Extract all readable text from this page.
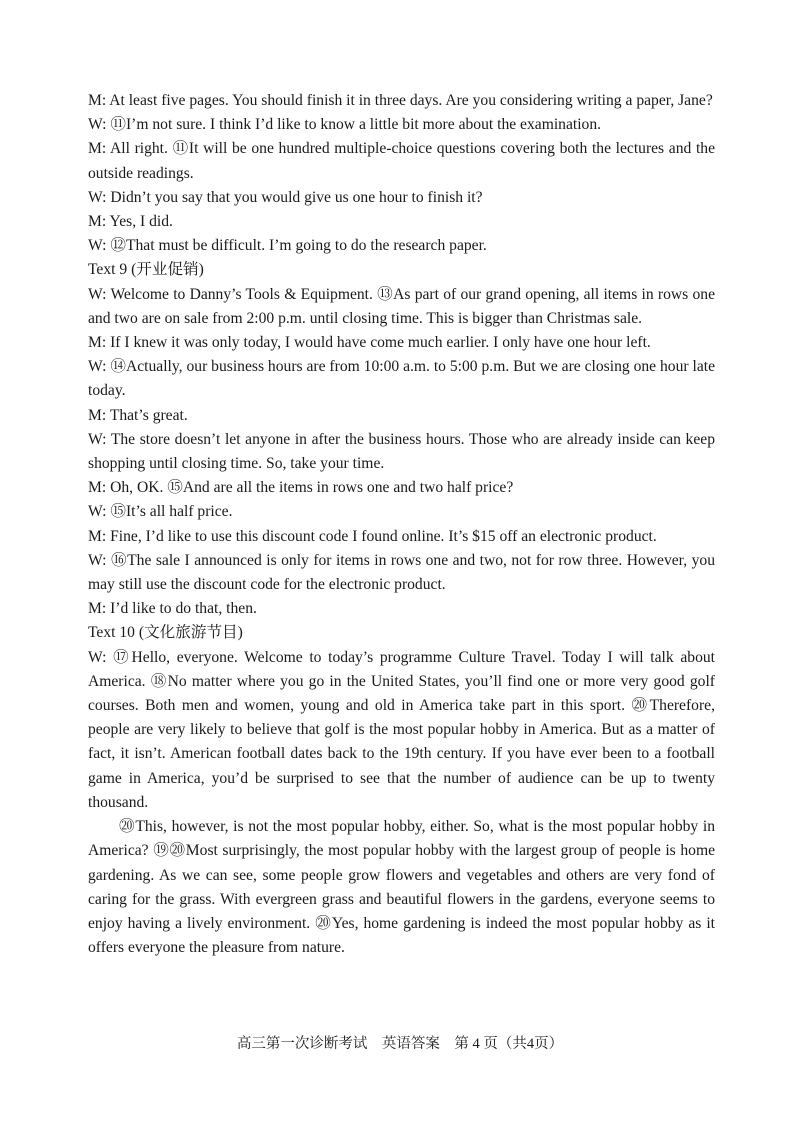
M: At least five pages. You should finish it in three days. Are you considering writing a paper, Jane?

W: ⑪I’m not sure. I think I’d like to know a little bit more about the examination.

M: All right. ⑪It will be one hundred multiple-choice questions covering both the lectures and the outside readings.

W: Didn’t you say that you would give us one hour to finish it?

M: Yes, I did.

W: ⑫That must be difficult. I’m going to do the research paper.

Text 9 (开业促销)

W: Welcome to Danny’s Tools & Equipment. ⑬As part of our grand opening, all items in rows one and two are on sale from 2:00 p.m. until closing time. This is bigger than Christmas sale.

M: If I knew it was only today, I would have come much earlier. I only have one hour left.

W: ⑭Actually, our business hours are from 10:00 a.m. to 5:00 p.m. But we are closing one hour late today.

M: That’s great.

W: The store doesn’t let anyone in after the business hours. Those who are already inside can keep shopping until closing time. So, take your time.

M: Oh, OK. ⑮And are all the items in rows one and two half price?

W: ⑮It’s all half price.

M: Fine, I’d like to use this discount code I found online. It’s $15 off an electronic product.

W: ⑯The sale I announced is only for items in rows one and two, not for row three. However, you may still use the discount code for the electronic product.

M: I’d like to do that, then.

Text 10 (文化旅游节目)

W: ⑰Hello, everyone. Welcome to today’s programme Culture Travel. Today I will talk about America. ⑱No matter where you go in the United States, you’ll find one or more very good golf courses. Both men and women, young and old in America take part in this sport. ⑳Therefore, people are very likely to believe that golf is the most popular hobby in America. But as a matter of fact, it isn’t. American football dates back to the 19th century. If you have ever been to a football game in America, you’d be surprised to see that the number of audience can be up to twenty thousand.

⑳This, however, is not the most popular hobby, either. So, what is the most popular hobby in America? ⑲⑳Most surprisingly, the most popular hobby with the largest group of people is home gardening. As we can see, some people grow flowers and vegetables and others are very fond of caring for the grass. With evergreen grass and beautiful flowers in the gardens, everyone seems to enjoy having a lively environment. ⑳Yes, home gardening is indeed the most popular hobby as it offers everyone the pleasure from nature.

高三第一次诊断考试　英语答案　第 4 页（共4页）
